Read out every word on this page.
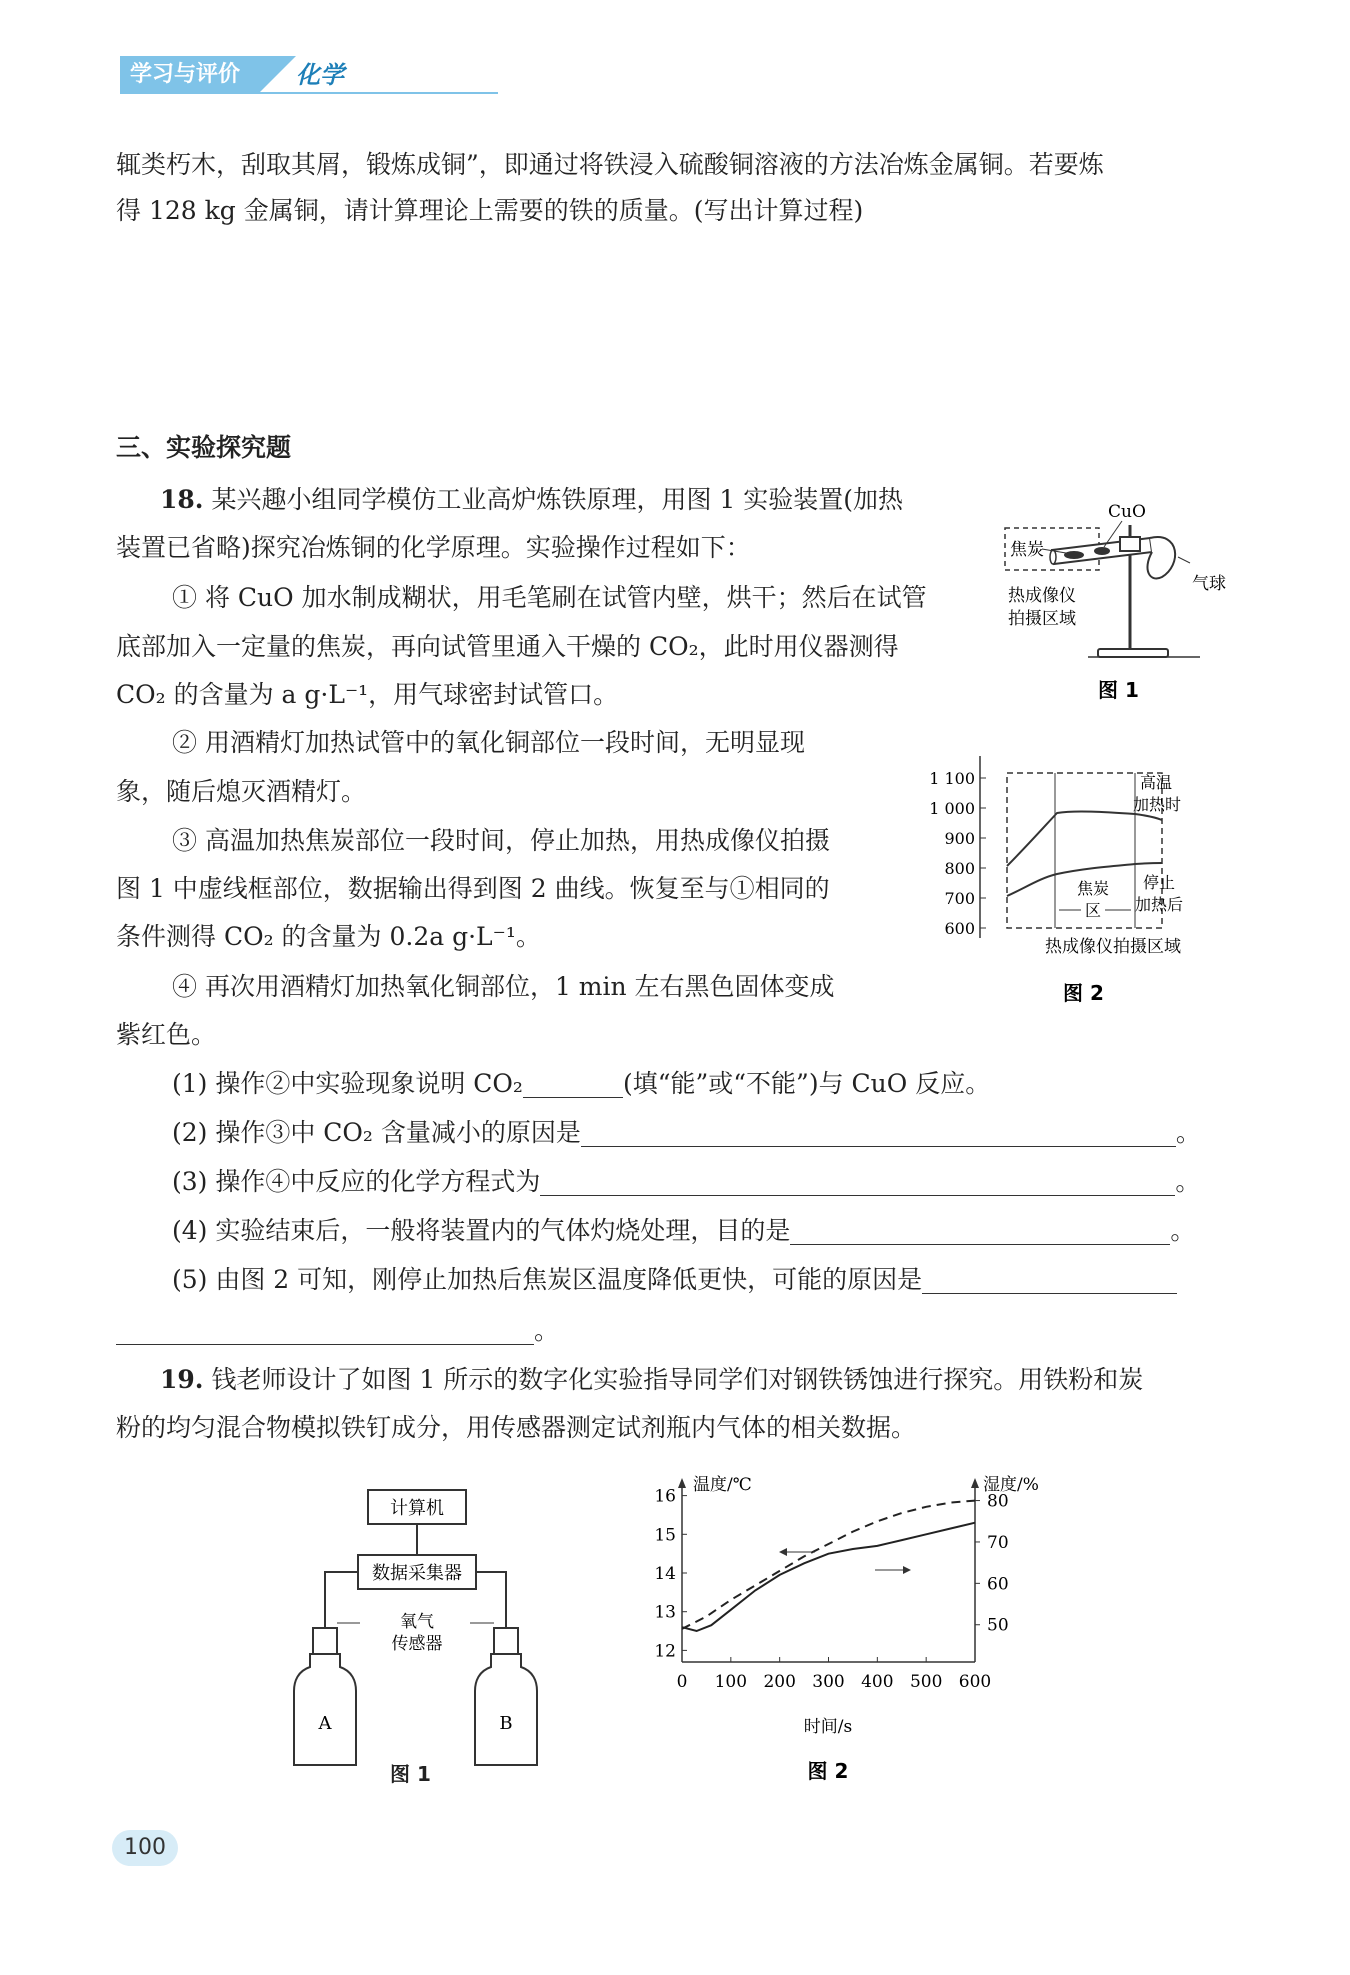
学习与评价	化学

辄类朽木，刮取其屑，锻炼成铜”，即通过将铁浸入硫酸铜溶液的方法冶炼金属铜。若要炼

得 128 kg 金属铜，请计算理论上需要的铁的质量。(写出计算过程)

三、实验探究题

18. 某兴趣小组同学模仿工业高炉炼铁原理，用图 1 实验装置(加热

装置已省略)探究冶炼铜的化学原理。实验操作过程如下：

① 将 CuO 加水制成糊状，用毛笔刷在试管内壁，烘干；然后在试管

底部加入一定量的焦炭，再向试管里通入干燥的 CO₂，此时用仪器测得

CO₂ 的含量为 a g·L⁻¹，用气球密封试管口。

② 用酒精灯加热试管中的氧化铜部位一段时间，无明显现

象，随后熄灭酒精灯。

③ 高温加热焦炭部位一段时间，停止加热，用热成像仪拍摄

图 1 中虚线框部位，数据输出得到图 2 曲线。恢复至与①相同的

条件测得 CO₂ 的含量为 0.2a g·L⁻¹。

④ 再次用酒精灯加热氧化铜部位，1 min 左右黑色固体变成

紫红色。

(1) 操作②中实验现象说明 CO₂	(填“能”或“不能”)与 CuO 反应。

(2) 操作③中 CO₂ 含量减小的原因是	。

(3) 操作④中反应的化学方程式为	。

(4) 实验结束后，一般将装置内的气体灼烧处理，目的是	。

(5) 由图 2 可知，刚停止加热后焦炭区温度降低更快，可能的原因是

。

CuO
焦炭
气球
热成像仪
拍摄区域
图 1
1 100
1 000
900
800
700
600
高温
加热时
焦炭
区
停止
加热后
热成像仪拍摄区域
图 2

19. 钱老师设计了如图 1 所示的数字化实验指导同学们对钢铁锈蚀进行探究。用铁粉和炭

粉的均匀混合物模拟铁钉成分，用传感器测定试剂瓶内气体的相关数据。

计算机
数据采集器
氧气
传感器
A	B
图 1
温度/℃	湿度/%
时间/s
0 100 200 300 400 500 600
12
13
14
15
16
50
60
70
80
图 2
100
